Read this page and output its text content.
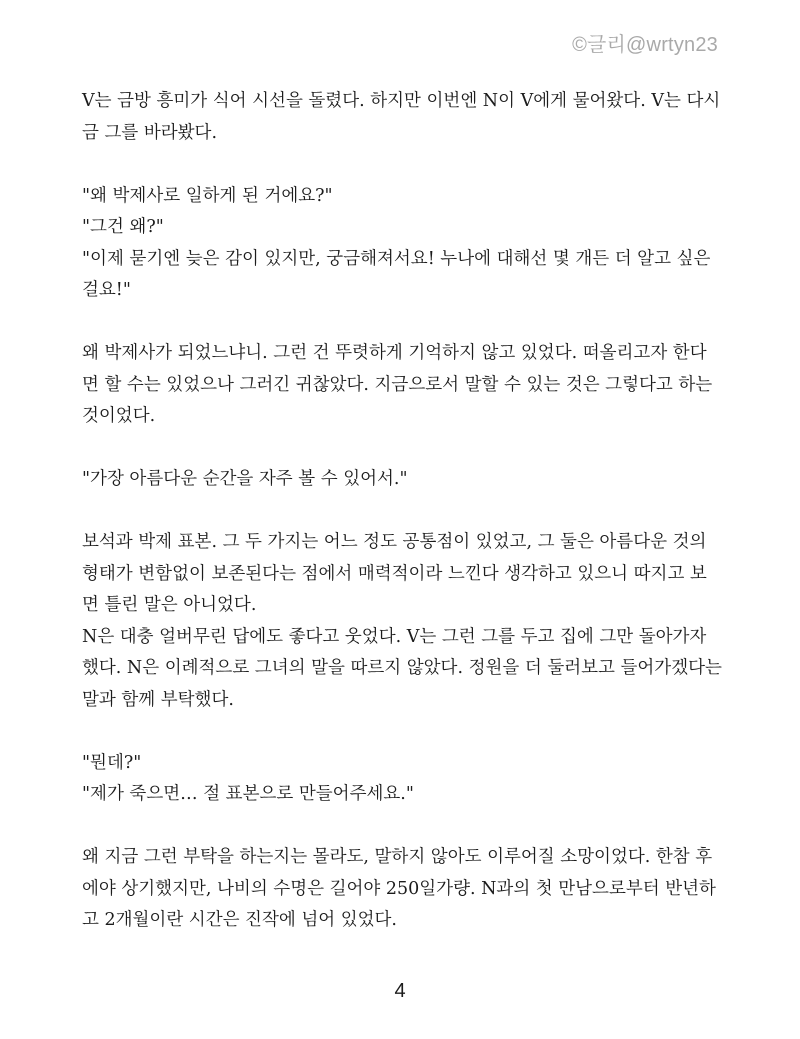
©글리@wrtyn23

V는 금방 흥미가 식어 시선을 돌렸다. 하지만 이번엔 N이 V에게 물어왔다. V는 다시금 그를 바라봤다.

"왜 박제사로 일하게 된 거에요?"

"그건 왜?"

"이제 묻기엔 늦은 감이 있지만, 궁금해져서요! 누나에 대해선 몇 개든 더 알고 싶은걸요!"

왜 박제사가 되었느냐니. 그런 건 뚜렷하게 기억하지 않고 있었다. 떠올리고자 한다면 할 수는 있었으나 그러긴 귀찮았다. 지금으로서 말할 수 있는 것은 그렇다고 하는 것이었다.

"가장 아름다운 순간을 자주 볼 수 있어서."

보석과 박제 표본. 그 두 가지는 어느 정도 공통점이 있었고, 그 둘은 아름다운 것의 형태가 변함없이 보존된다는 점에서 매력적이라 느낀다 생각하고 있으니 따지고 보면 틀린 말은 아니었다.

N은 대충 얼버무린 답에도 좋다고 웃었다. V는 그런 그를 두고 집에 그만 돌아가자 했다. N은 이례적으로 그녀의 말을 따르지 않았다. 정원을 더 둘러보고 들어가겠다는 말과 함께 부탁했다.

"뭔데?"

"제가 죽으면… 절 표본으로 만들어주세요."

왜 지금 그런 부탁을 하는지는 몰라도, 말하지 않아도 이루어질 소망이었다. 한참 후에야 상기했지만, 나비의 수명은 길어야 250일가량. N과의 첫 만남으로부터 반년하고 2개월이란 시간은 진작에 넘어 있었다.

4
